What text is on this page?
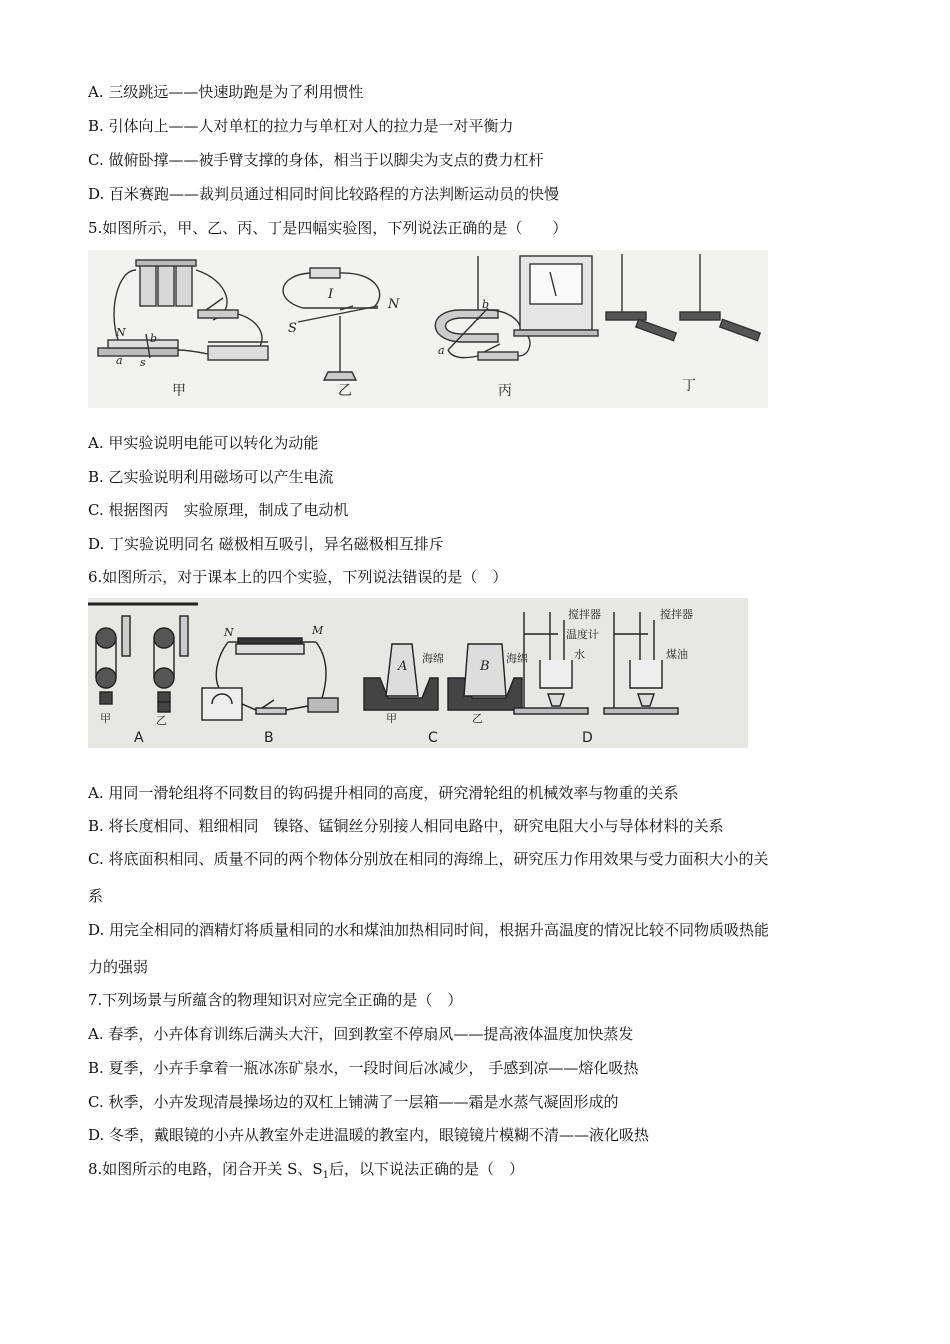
A. 三级跳远——快速助跑是为了利用惯性
B. 引体向上——人对单杠的拉力与单杠对人的拉力是一对平衡力
C. 做俯卧撑——被手臂支撑的身体，相当于以脚尖为支点的费力杠杆
D. 百米赛跑——裁判员通过相同时间比较路程的方法判断运动员的快慢
5.如图所示，甲、乙、丙、丁是四幅实验图，下列说法正确的是（　　）
N b
a s
甲
I
S
N
乙
b
a
丙	丁
A. 甲实验说明电能可以转化为动能
B. 乙实验说明利用磁场可以产生电流
C. 根据图丙　实验原理，制成了电动机
D. 丁实验说明同名 磁极相互吸引，异名磁极相互排斥
6.如图所示，对于课本上的四个实验，下列说法错误的是（　）
甲	乙
A
N	M
B
A	B
海绵	海绵
甲	乙
C
搅拌器
温度计
水
搅拌器
煤油
D
A. 用同一滑轮组将不同数目的钩码提升相同的高度，研究滑轮组的机械效率与物重的关系
B. 将长度相同、粗细相同　镍铬、锰铜丝分别接人相同电路中，研究电阻大小与导体材料的关系
C. 将底面积相同、质量不同的两个物体分别放在相同的海绵上，研究压力作用效果与受力面积大小的关
系
D. 用完全相同的酒精灯将质量相同的水和煤油加热相同时间，根据升高温度的情况比较不同物质吸热能
力的强弱
7.下列场景与所蕴含的物理知识对应完全正确的是（　）
A. 春季，小卉体育训练后满头大汗，回到教室不停扇风——提高液体温度加快蒸发
B. 夏季，小卉手拿着一瓶冰冻矿泉水，一段时间后冰减少， 手感到凉——熔化吸热
C. 秋季，小卉发现清晨操场边的双杠上铺满了一层箱——霜是水蒸气凝固形成的
D. 冬季，戴眼镜的小卉从教室外走进温暖的教室内，眼镜镜片模糊不清——液化吸热
8.如图所示的电路，闭合开关 S、$S_1$后，以下说法正确的是（　）
